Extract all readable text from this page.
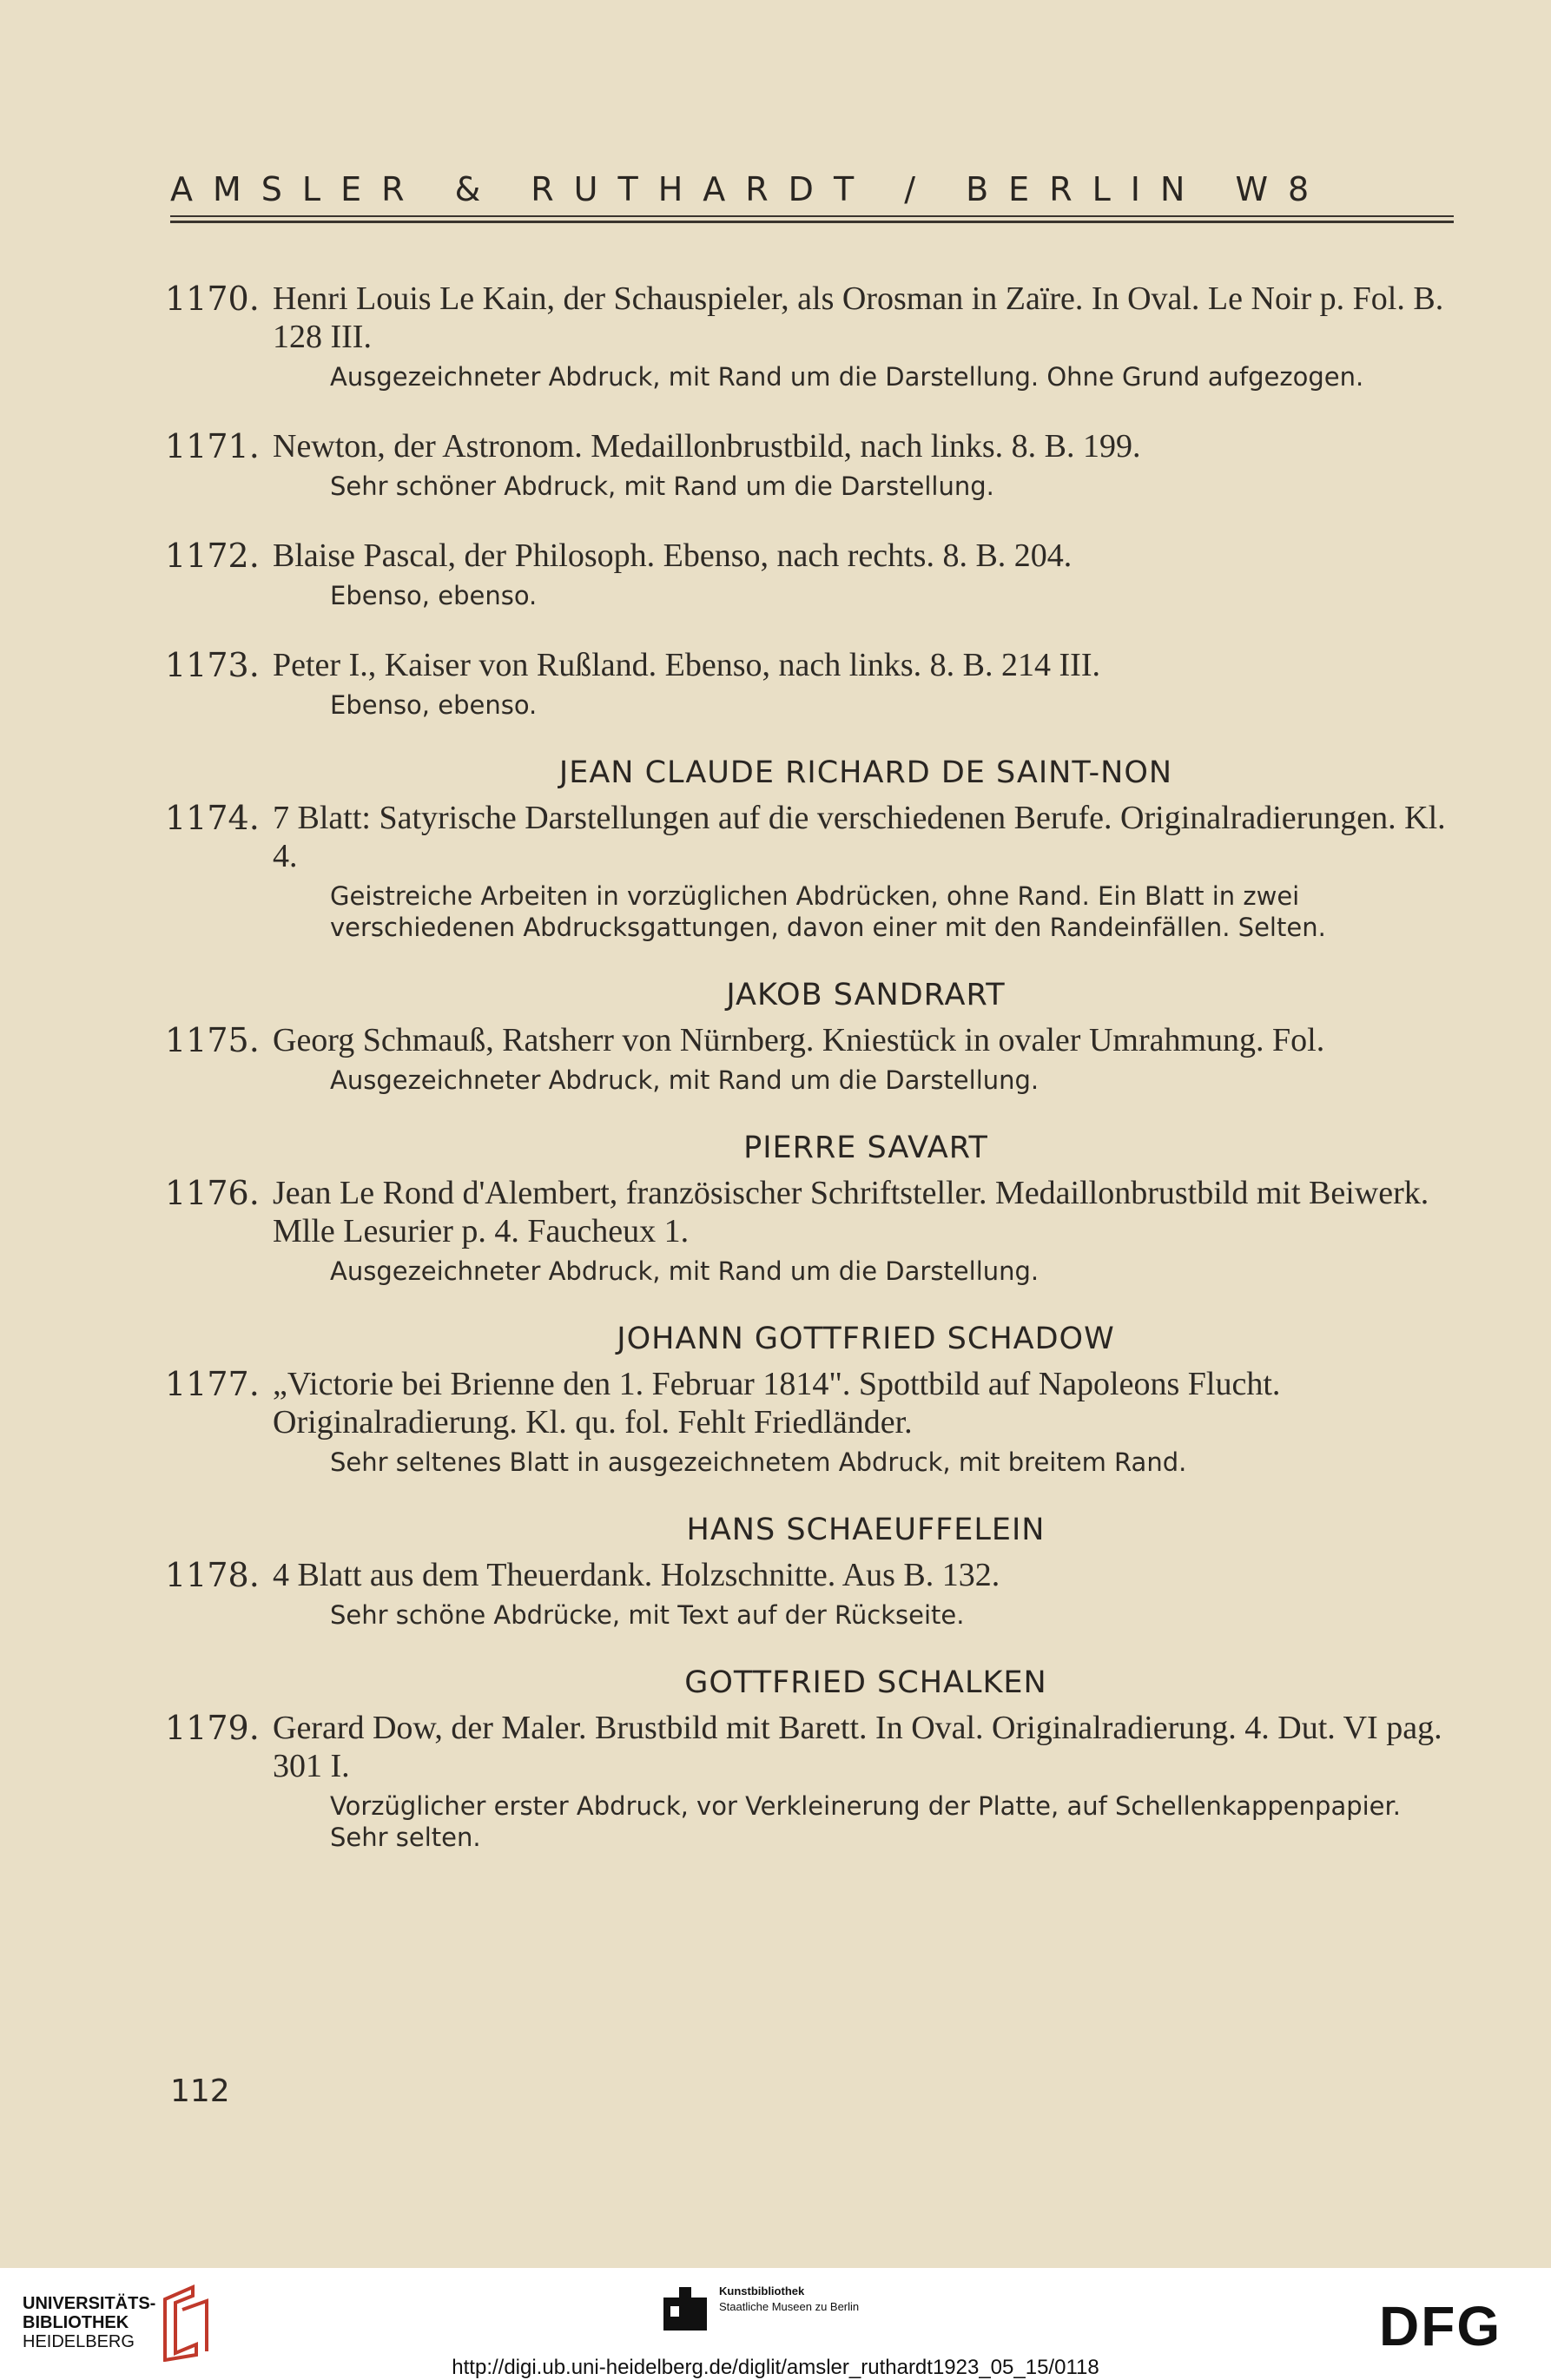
AMSLER & RUTHARDT / BERLIN W8
1170. Henri Louis Le Kain, der Schauspieler, als Orosman in Zaïre. In Oval. Le Noir p. Fol. B. 128 III.
Ausgezeichneter Abdruck, mit Rand um die Darstellung. Ohne Grund aufgezogen.
1171. Newton, der Astronom. Medaillonbrustbild, nach links. 8. B. 199.
Sehr schöner Abdruck, mit Rand um die Darstellung.
1172. Blaise Pascal, der Philosoph. Ebenso, nach rechts. 8. B. 204.
Ebenso, ebenso.
1173. Peter I., Kaiser von Rußland. Ebenso, nach links. 8. B. 214 III.
Ebenso, ebenso.
JEAN CLAUDE RICHARD DE SAINT-NON
1174. 7 Blatt: Satyrische Darstellungen auf die verschiedenen Berufe. Originalradierungen. Kl. 4.
Geistreiche Arbeiten in vorzüglichen Abdrücken, ohne Rand. Ein Blatt in zwei verschiedenen Abdrucksgattungen, davon einer mit den Randeinfällen. Selten.
JAKOB SANDRART
1175. Georg Schmauß, Ratsherr von Nürnberg. Kniestück in ovaler Umrahmung. Fol.
Ausgezeichneter Abdruck, mit Rand um die Darstellung.
PIERRE SAVART
1176. Jean Le Rond d'Alembert, französischer Schriftsteller. Medaillonbrustbild mit Beiwerk. Mlle Lesurier p. 4. Faucheux 1.
Ausgezeichneter Abdruck, mit Rand um die Darstellung.
JOHANN GOTTFRIED SCHADOW
1177. „Victorie bei Brienne den 1. Februar 1814". Spottbild auf Napoleons Flucht. Originalradierung. Kl. qu. fol. Fehlt Friedländer.
Sehr seltenes Blatt in ausgezeichnetem Abdruck, mit breitem Rand.
HANS SCHAEUFFELEIN
1178. 4 Blatt aus dem Theuerdank. Holzschnitte. Aus B. 132.
Sehr schöne Abdrücke, mit Text auf der Rückseite.
GOTTFRIED SCHALKEN
1179. Gerard Dow, der Maler. Brustbild mit Barett. In Oval. Originalradierung. 4. Dut. VI pag. 301 I.
Vorzüglicher erster Abdruck, vor Verkleinerung der Platte, auf Schellenkappenpapier. Sehr selten.
112
UNIVERSITÄTS-
BIBLIOTHEK
HEIDELBERG
Kunstbibliothek
Staatliche Museen zu Berlin	DFG
http://digi.ub.uni-heidelberg.de/diglit/amsler_ruthardt1923_05_15/0118
